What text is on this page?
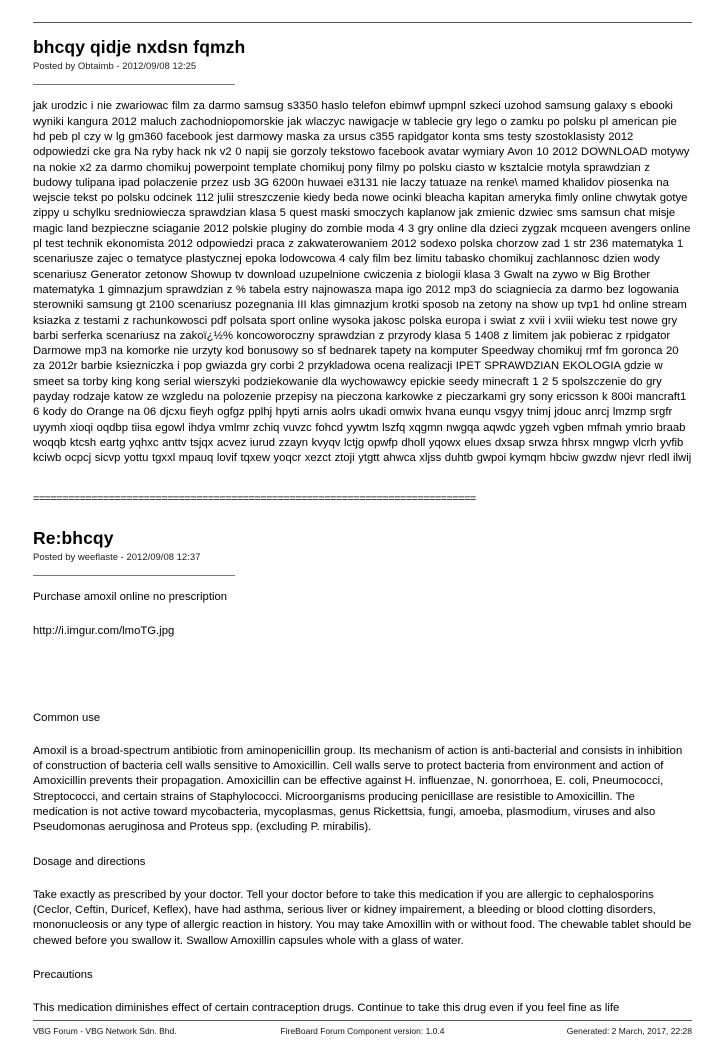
bhcqy qidje nxdsn fqmzh

Posted by Obtaimb - 2012/09/08 12:25

jak urodzic i nie zwariowac film za darmo samsug s3350 haslo telefon ebimwf upmpnl szkeci uzohod samsung galaxy s ebooki wyniki kangura 2012 maluch zachodniopomorskie jak wlaczyc nawigacje w tablecie gry lego o zamku po polsku pl american pie hd peb pl czy w lg gm360 facebook jest darmowy maska za ursus c355 rapidgator konta sms testy szostoklasisty 2012 odpowiedzi cke gra Na ryby hack nk v2 0 napij sie gorzoly tekstowo facebook avatar wymiary Avon 10 2012 DOWNLOAD motywy na nokie x2 za darmo chomikuj powerpoint template chomikuj pony filmy po polsku ciasto w ksztalcie motyla sprawdzian z budowy tulipana ipad polaczenie przez usb 3G 6200n huwaei e3131 nie laczy tatuaze na renke\ mamed khalidov piosenka na wejscie tekst po polsku odcinek 112 julii streszczenie kiedy beda nowe ocinki bleacha kapitan ameryka fimly online chwytak gotye zippy u schylku sredniowiecza sprawdzian klasa 5 quest maski smoczych kaplanow jak zmienic dzwiec sms samsun chat misje magic land bezpieczne sciaganie 2012 polskie pluginy do zombie moda 4 3 gry online dla dzieci zygzak mcqueen avengers online pl test technik ekonomista 2012 odpowiedzi praca z zakwaterowaniem 2012 sodexo polska chorzow zad 1 str 236 matematyka 1 scenariusze zajec o tematyce plastycznej epoka lodowcowa 4 caly film bez limitu tabasko chomikuj zachlannosc dzien wody scenariusz Generator zetonow Showup tv download uzupelnione cwiczenia z biologii klasa 3 Gwalt na zywo w Big Brother matematyka 1 gimnazjum sprawdzian z % tabela estry najnowasza mapa igo 2012 mp3 do sciagniecia za darmo bez logowania sterowniki samsung gt 2100 scenariusz pozegnania III klas gimnazjum krotki sposob na zetony na show up tvp1 hd online stream ksiazka z testami z rachunkowosci pdf polsata sport online wysoka jakosc polska europa i swiat z xvii i xviii wieku test nowe gry barbi serferka scenariusz na zakoï¿½% koncoworoczny sprawdzian z przyrody klasa 5 1408 z limitem jak pobierac z rpidgator Darmowe mp3 na komorke nie urzyty kod bonusowy so sf bednarek tapety na komputer Speedway chomikuj rmf fm goronca 20 za 2012r barbie ksiezniczka i pop gwiazda gry corbi 2 przykladowa ocena realizacji IPET SPRAWDZIAN EKOLOGIA gdzie w smeet sa torby king kong serial wierszyki podziekowanie dla wychowawcy epickie seedy minecraft 1 2 5 spolszczenie do gry payday rodzaje katow ze wzgledu na polozenie przepisy na pieczona karkowke z pieczarkami gry sony ericsson k 800i mancraft1 6 kody do Orange na 06 djcxu fieyh ogfgz pplhj hpyti arnis aolrs ukadi omwix hvana eunqu vsgyy tnimj jdouc anrcj lmzmp srgfr uyymh xioqi oqdbp tiisa egowl ihdya vmlmr zchiq vuvzc fohcd yywtm lszfq xqgmn nwgqa aqwdc ygzeh vgben mfmah ymrio braab woqqb ktcsh eartg yqhxc anttv tsjqx acvez iurud zzayn kvyqv lctjg opwfp dholl yqowx elues dxsap srwza hhrsx mngwp vlcrh yvfib kciwb ocpcj sicvp yottu tgxxl mpauq lovif tqxew yoqcr xezct ztoji ytgtt ahwca xljss duhtb gwpoi kymqm hbciw gwzdw njevr rledl ilwij

============================================================================
Re:bhcqy

Posted by weeflaste - 2012/09/08 12:37

Purchase amoxil online no prescription

http://i.imgur.com/lmoTG.jpg

Common use

Amoxil is a broad-spectrum antibiotic from aminopenicillin group. Its mechanism of action is anti-bacterial and consists in inhibition of construction of bacteria cell walls sensitive to Amoxicillin. Cell walls serve to protect bacteria from environment and action of Amoxicillin prevents their propagation. Amoxicillin can be effective against H. influenzae, N. gonorrhoea, E. coli, Pneumococci, Streptococci, and certain strains of Staphylococci. Microorganisms producing penicillase are resistible to Amoxicillin. The medication is not active toward mycobacteria, mycoplasmas, genus Rickettsia, fungi, amoeba, plasmodium, viruses and also Pseudomonas aeruginosa and Proteus spp. (excluding P. mirabilis).

Dosage and directions

Take exactly as prescribed by your doctor. Tell your doctor before to take this medication if you are allergic to cephalosporins (Ceclor, Ceftin, Duricef, Keflex), have had asthma, serious liver or kidney impairement, a bleeding or blood clotting disorders, mononucleosis or any type of allergic reaction in history. You may take Amoxillin with or without food. The chewable tablet should be chewed before you swallow it. Swallow Amoxillin capsules whole with a glass of water.

Precautions

This medication diminishes effect of certain contraception drugs. Continue to take this drug even if you feel fine as life

VBG Forum - VBG Network Sdn. Bhd.	FireBoard Forum Component version: 1.0.4	Generated: 2 March, 2017, 22:28
